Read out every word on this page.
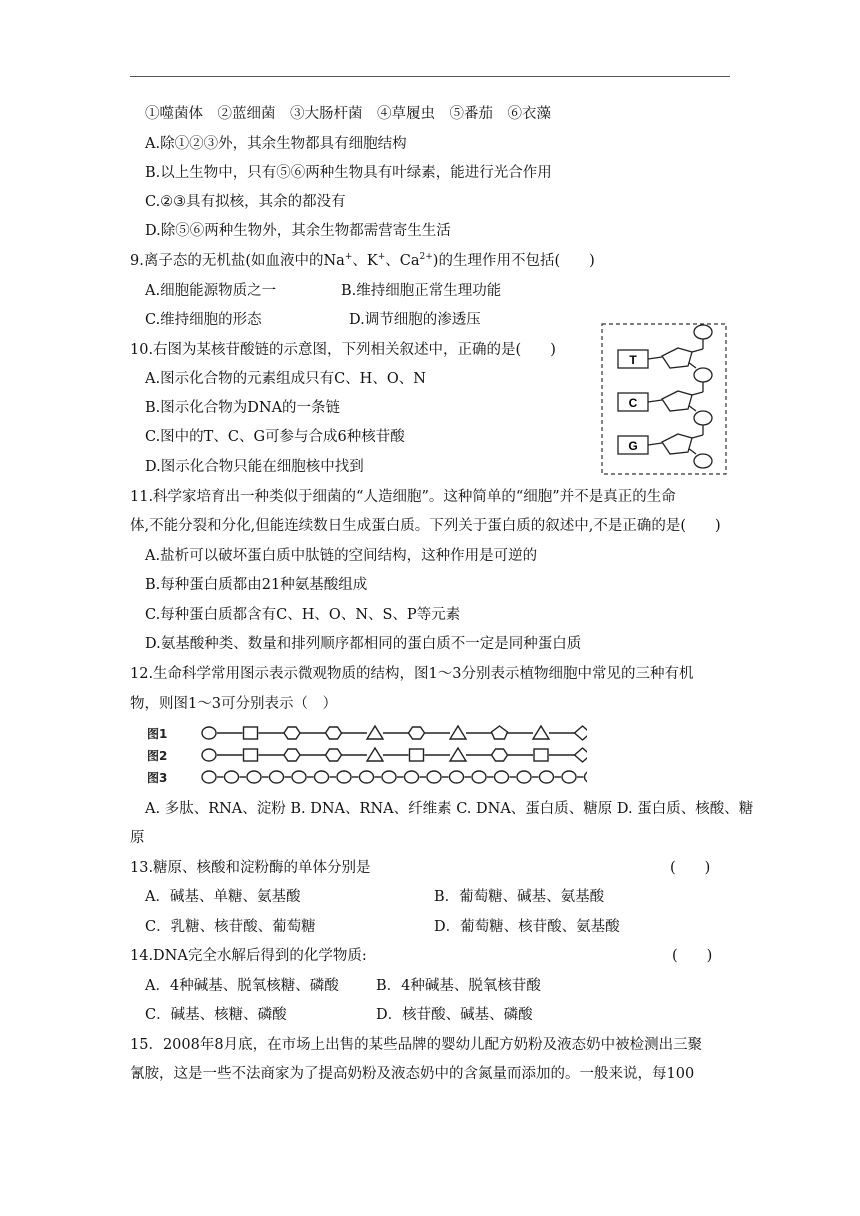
①噬菌体　②蓝细菌　③大肠杆菌　④草履虫　⑤番茄　⑥衣藻
A.除①②③外，其余生物都具有细胞结构
B.以上生物中，只有⑤⑥两种生物具有叶绿素，能进行光合作用
C.②③具有拟核，其余的都没有
D.除⑤⑥两种生物外，其余生物都需营寄生生活
9.离子态的无机盐(如血液中的Na+、K+、$Ca^{2+}$)的生理作用不包括(　　)
A.细胞能源物质之一	B.维持细胞正常生理功能
C.维持细胞的形态	D.调节细胞的渗透压
10.右图为某核苷酸链的示意图，下列相关叙述中，正确的是(　　)
A.图示化合物的元素组成只有C、H、O、N
B.图示化合物为DNA的一条链
C.图中的T、C、G可参与合成6种核苷酸
D.图示化合物只能在细胞核中找到
T
C
G
11.科学家培育出一种类似于细菌的“人造细胞”。这种简单的“细胞”并不是真正的生命
体,不能分裂和分化,但能连续数日生成蛋白质。下列关于蛋白质的叙述中,不是正确的是(　　)
A.盐析可以破坏蛋白质中肽链的空间结构，这种作用是可逆的
B.每种蛋白质都由21种氨基酸组成
C.每种蛋白质都含有C、H、O、N、S、P等元素
D.氨基酸种类、数量和排列顺序都相同的蛋白质不一定是同种蛋白质
12.生命科学常用图示表示微观物质的结构，图1～3分别表示植物细胞中常见的三种有机
物，则图1～3可分别表示（　）
图1
图2
图3
A. 多肽、RNA、淀粉 B. DNA、RNA、纤维素 C. DNA、蛋白质、糖原 D. 蛋白质、核酸、糖
原
13.糖原、核酸和淀粉酶的单体分别是	(　　)
A．碱基、单糖、氨基酸	B．葡萄糖、碱基、氨基酸
C．乳糖、核苷酸、葡萄糖	D．葡萄糖、核苷酸、氨基酸
14.DNA完全水解后得到的化学物质:	(　　)
A．4种碱基、脱氧核糖、磷酸	B．4种碱基、脱氧核苷酸
C．碱基、核糖、磷酸	D．核苷酸、碱基、磷酸
15．2008年8月底，在市场上出售的某些品牌的婴幼儿配方奶粉及液态奶中被检测出三聚
氰胺，这是一些不法商家为了提高奶粉及液态奶中的含氮量而添加的。一般来说，每100
